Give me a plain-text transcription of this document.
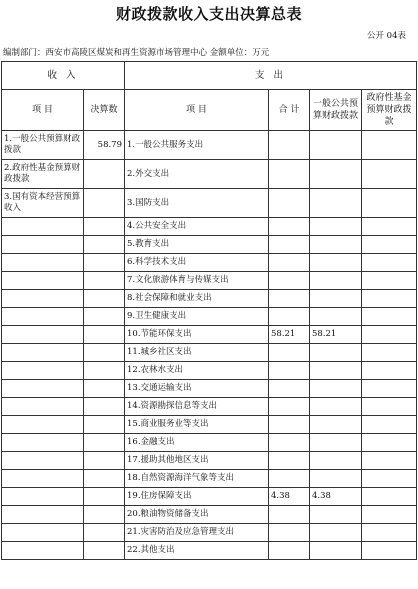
财政拨款收入支出决算总表
公开 04表
编制部门：西安市高陵区煤炭和再生资源市场管理中心 金额单位：万元
收 入		支 出			
项 目	决算数	项 目	合 计	一般公共预算财政拨款	政府性基金预算财政拨款
1.一般公共预算财政拨款	58.79	1.一般公共服务支出			
2.政府性基金预算财政拨款		2.外交支出			
3.国有资本经营预算收入		3.国防支出			
		4.公共安全支出			
		5.教育支出			
		6.科学技术支出			
		7.文化旅游体育与传媒支出			
		8.社会保障和就业支出			
		9.卫生健康支出			
		10.节能环保支出	58.21	58.21	
		11.城乡社区支出			
		12.农林水支出			
		13.交通运输支出			
		14.资源勘探信息等支出			
		15.商业服务业等支出			
		16.金融支出			
		17.援助其他地区支出			
		18.自然资源海洋气象等支出			
		19.住房保障支出	4.38	4.38	
		20.粮油物资储备支出			
		21.灾害防治及应急管理支出			
		22.其他支出			
